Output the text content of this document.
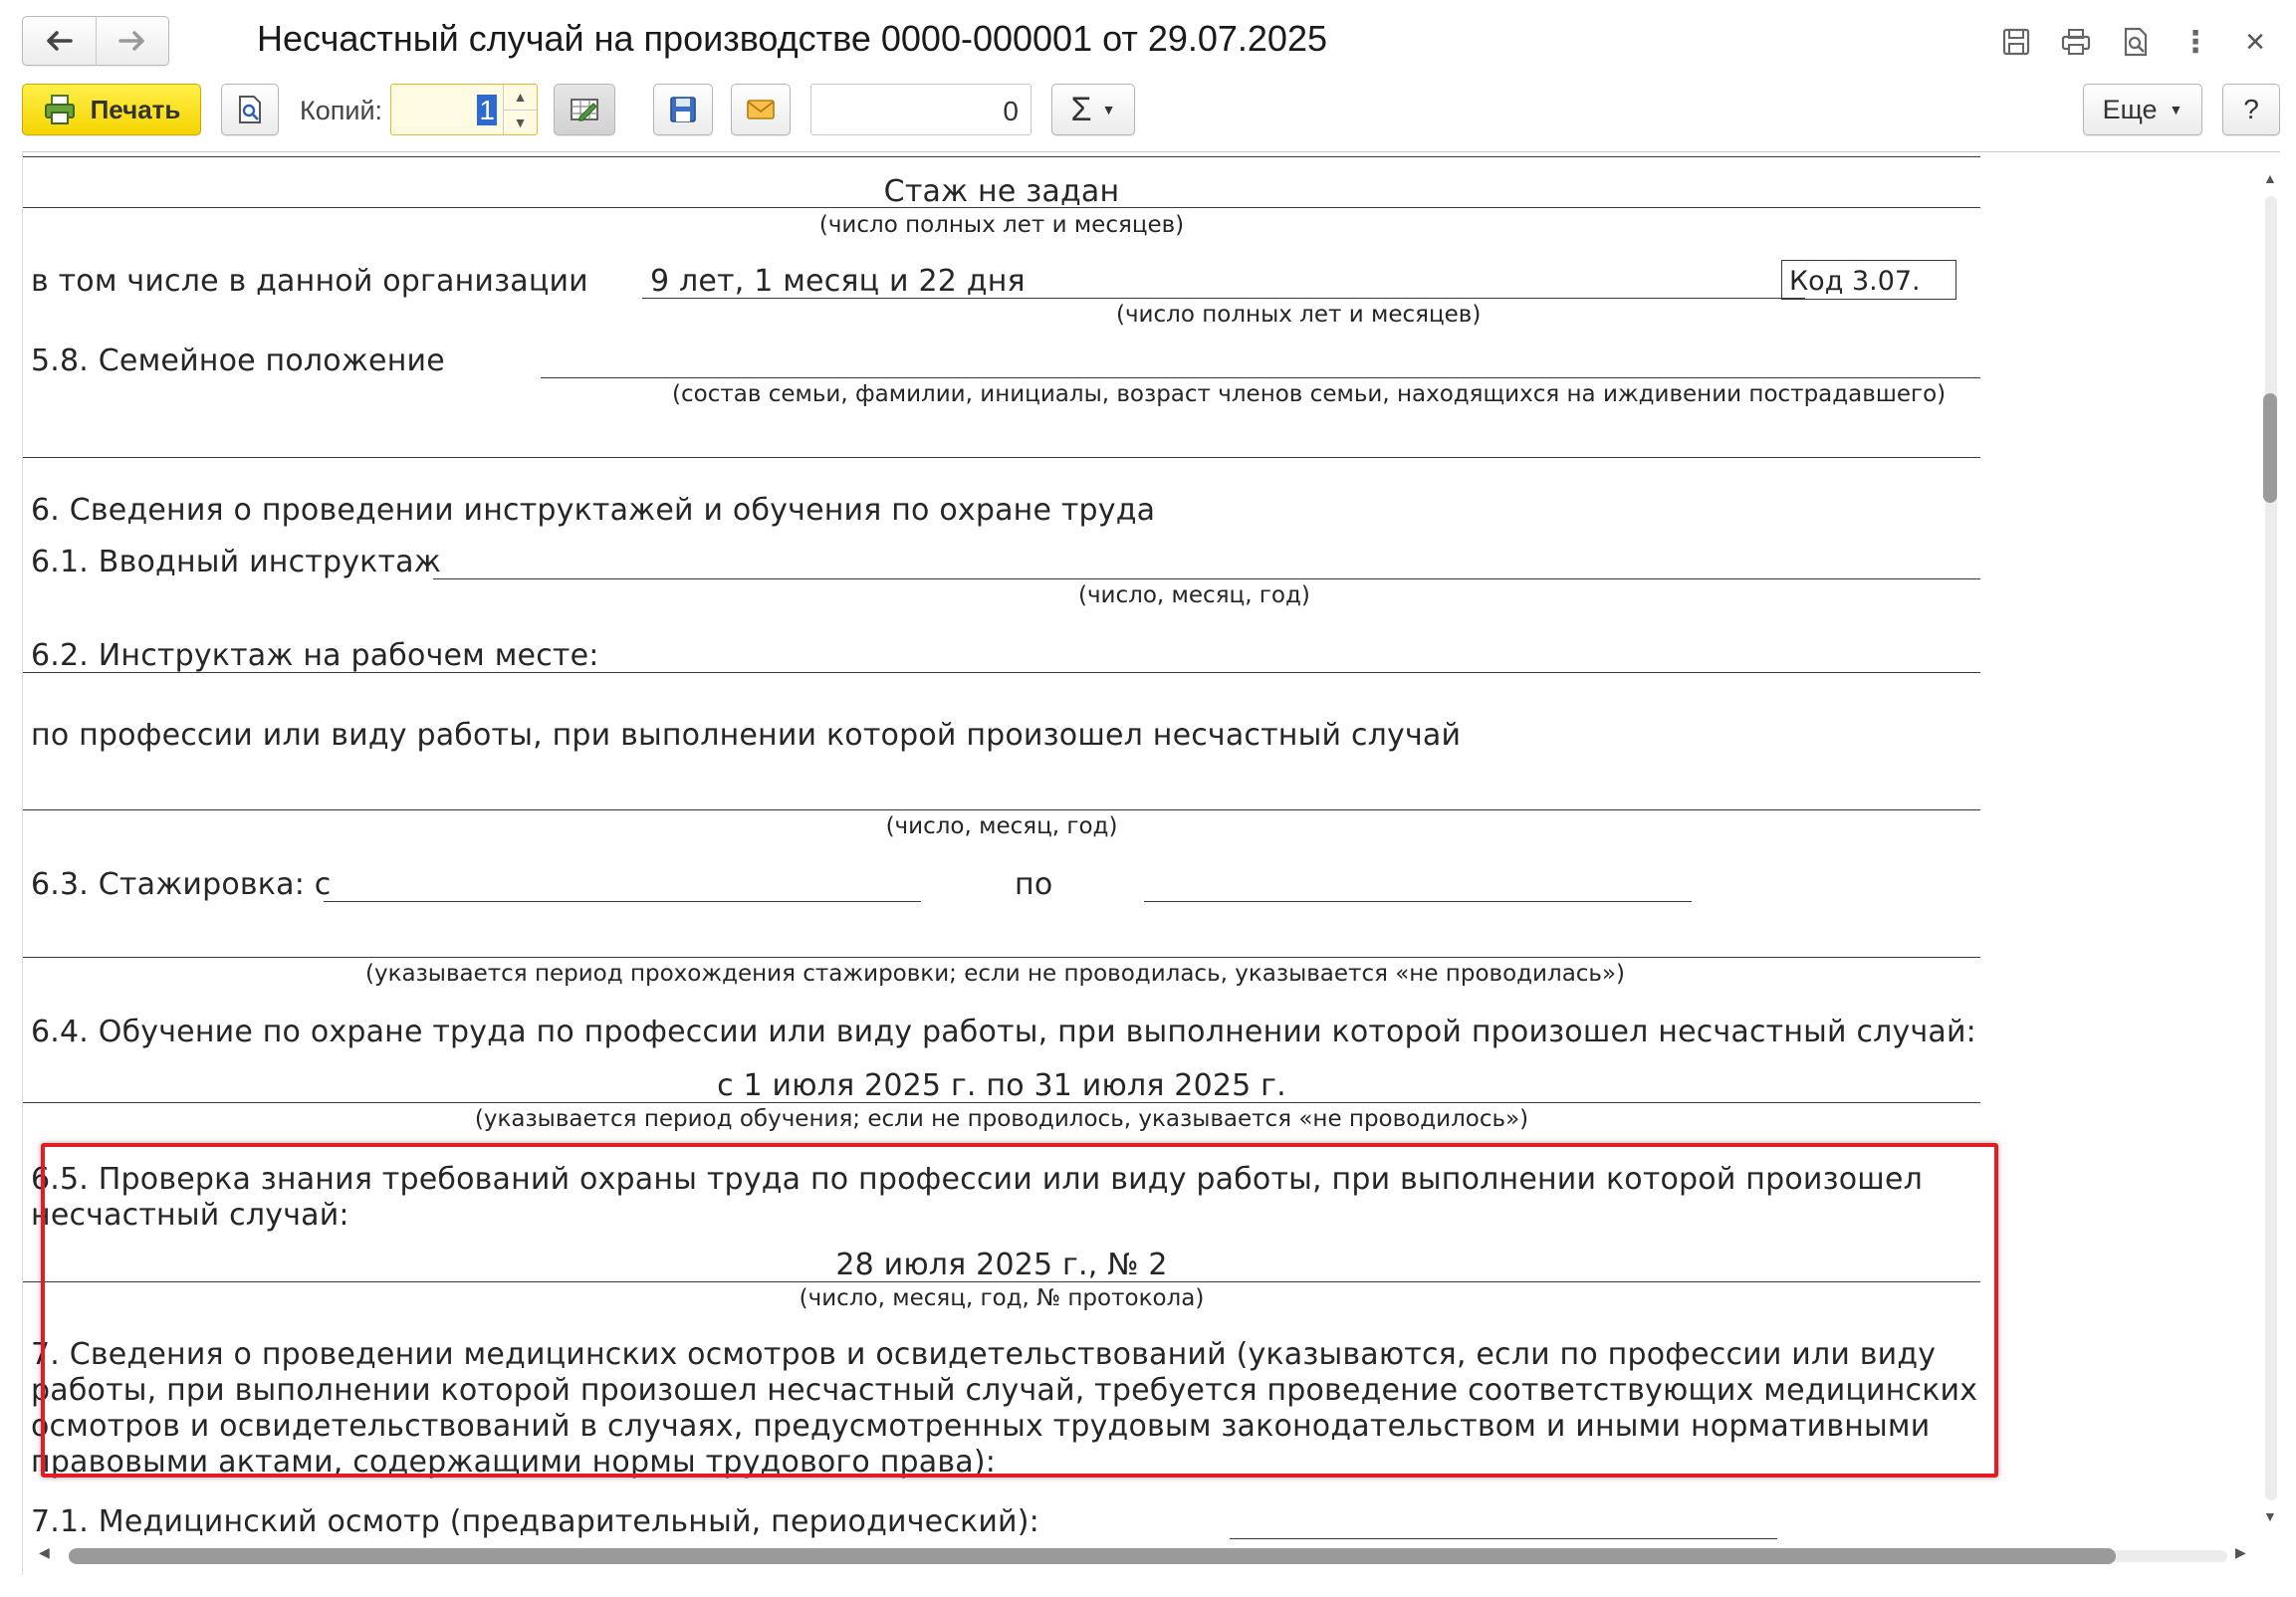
Несчастный случай на производстве 0000-000001 от 29.07.2025	⋮ ×
Печать	Копий:	1	▲
▼	0	Σ ▼	Еще ▼ ?
Стаж не задан
(число полных лет и месяцев)
в том числе в данной организации 9 лет, 1 месяц и 22 дня	Код 3.07.
(число полных лет и месяцев)
5.8. Семейное положение
(состав семьи, фамилии, инициалы, возраст членов семьи, находящихся на иждивении пострадавшего)
6. Сведения о проведении инструктажей и обучения по охране труда
6.1. Вводный инструктаж
(число, месяц, год)
6.2. Инструктаж на рабочем месте:
по профессии или виду работы, при выполнении которой произошел несчастный случай
(число, месяц, год)
6.3. Стажировка: с	по
(указывается период прохождения стажировки; если не проводилась, указывается «не проводилась»)
6.4. Обучение по охране труда по профессии или виду работы, при выполнении которой произошел несчастный случай:
с 1 июля 2025 г. по 31 июля 2025 г.
(указывается период обучения; если не проводилось, указывается «не проводилось»)
6.5. Проверка знания требований охраны труда по профессии или виду работы, при выполнении которой произошел
несчастный случай:
28 июля 2025 г., № 2
(число, месяц, год, № протокола)
7. Сведения о проведении медицинских осмотров и освидетельствований (указываются, если по профессии или виду
работы, при выполнении которой произошел несчастный случай, требуется проведение соответствующих медицинских
осмотров и освидетельствований в случаях, предусмотренных трудовым законодательством и иными нормативными
правовыми актами, содержащими нормы трудового права):
7.1. Медицинский осмотр (предварительный, периодический):
▲
▼
◀	▶
